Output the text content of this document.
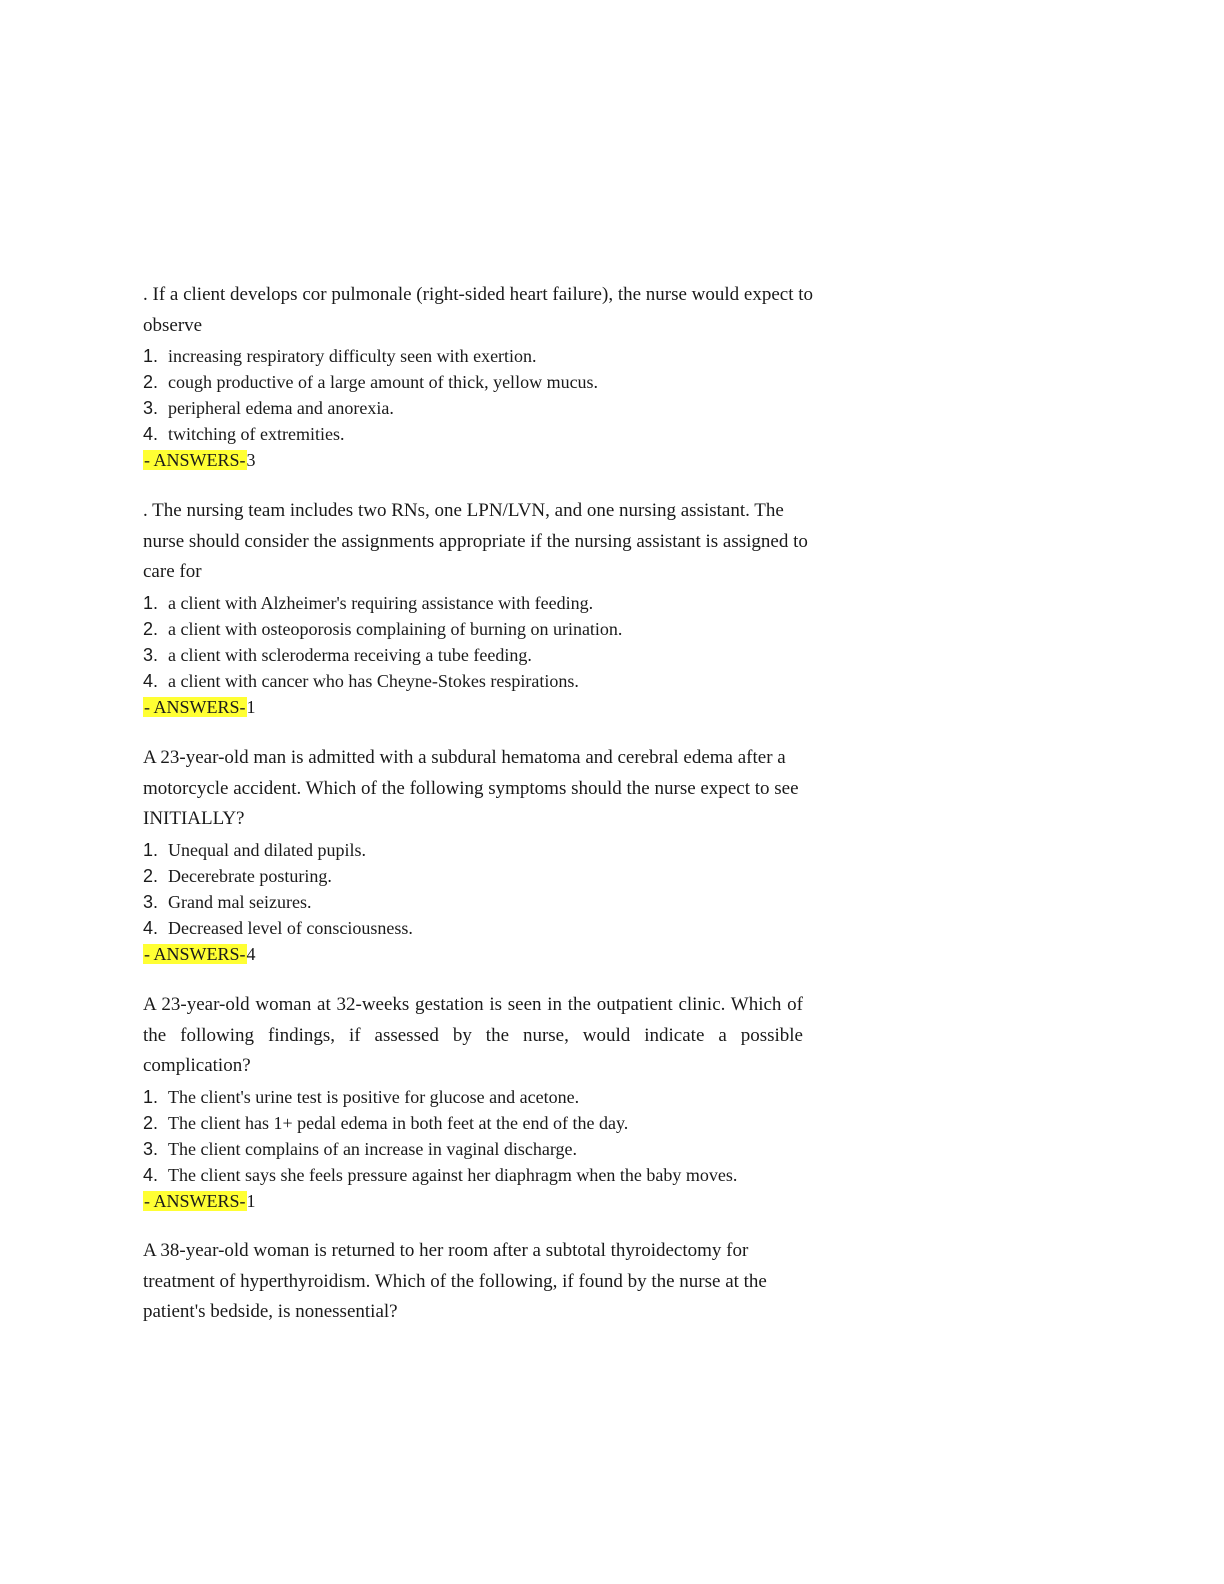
. If a client develops cor pulmonale (right-sided heart failure), the nurse would expect to observe

1. increasing respiratory difficulty seen with exertion.
2. cough productive of a large amount of thick, yellow mucus.
3. peripheral edema and anorexia.
4. twitching of extremities.
- ANSWERS-3

. The nursing team includes two RNs, one LPN/LVN, and one nursing assistant. The nurse should consider the assignments appropriate if the nursing assistant is assigned to care for

1. a client with Alzheimer's requiring assistance with feeding.
2. a client with osteoporosis complaining of burning on urination.
3. a client with scleroderma receiving a tube feeding.
4. a client with cancer who has Cheyne-Stokes respirations.
- ANSWERS-1

A 23-year-old man is admitted with a subdural hematoma and cerebral edema after a motorcycle accident. Which of the following symptoms should the nurse expect to see INITIALLY?

1. Unequal and dilated pupils.
2. Decerebrate posturing.
3. Grand mal seizures.
4. Decreased level of consciousness.
- ANSWERS-4

A 23-year-old woman at 32-weeks gestation is seen in the outpatient clinic. Which of the following findings, if assessed by the nurse, would indicate a possible complication?

1. The client's urine test is positive for glucose and acetone.
2. The client has 1+ pedal edema in both feet at the end of the day.
3. The client complains of an increase in vaginal discharge.
4. The client says she feels pressure against her diaphragm when the baby moves.
- ANSWERS-1

A 38-year-old woman is returned to her room after a subtotal thyroidectomy for treatment of hyperthyroidism. Which of the following, if found by the nurse at the patient's bedside, is nonessential?
